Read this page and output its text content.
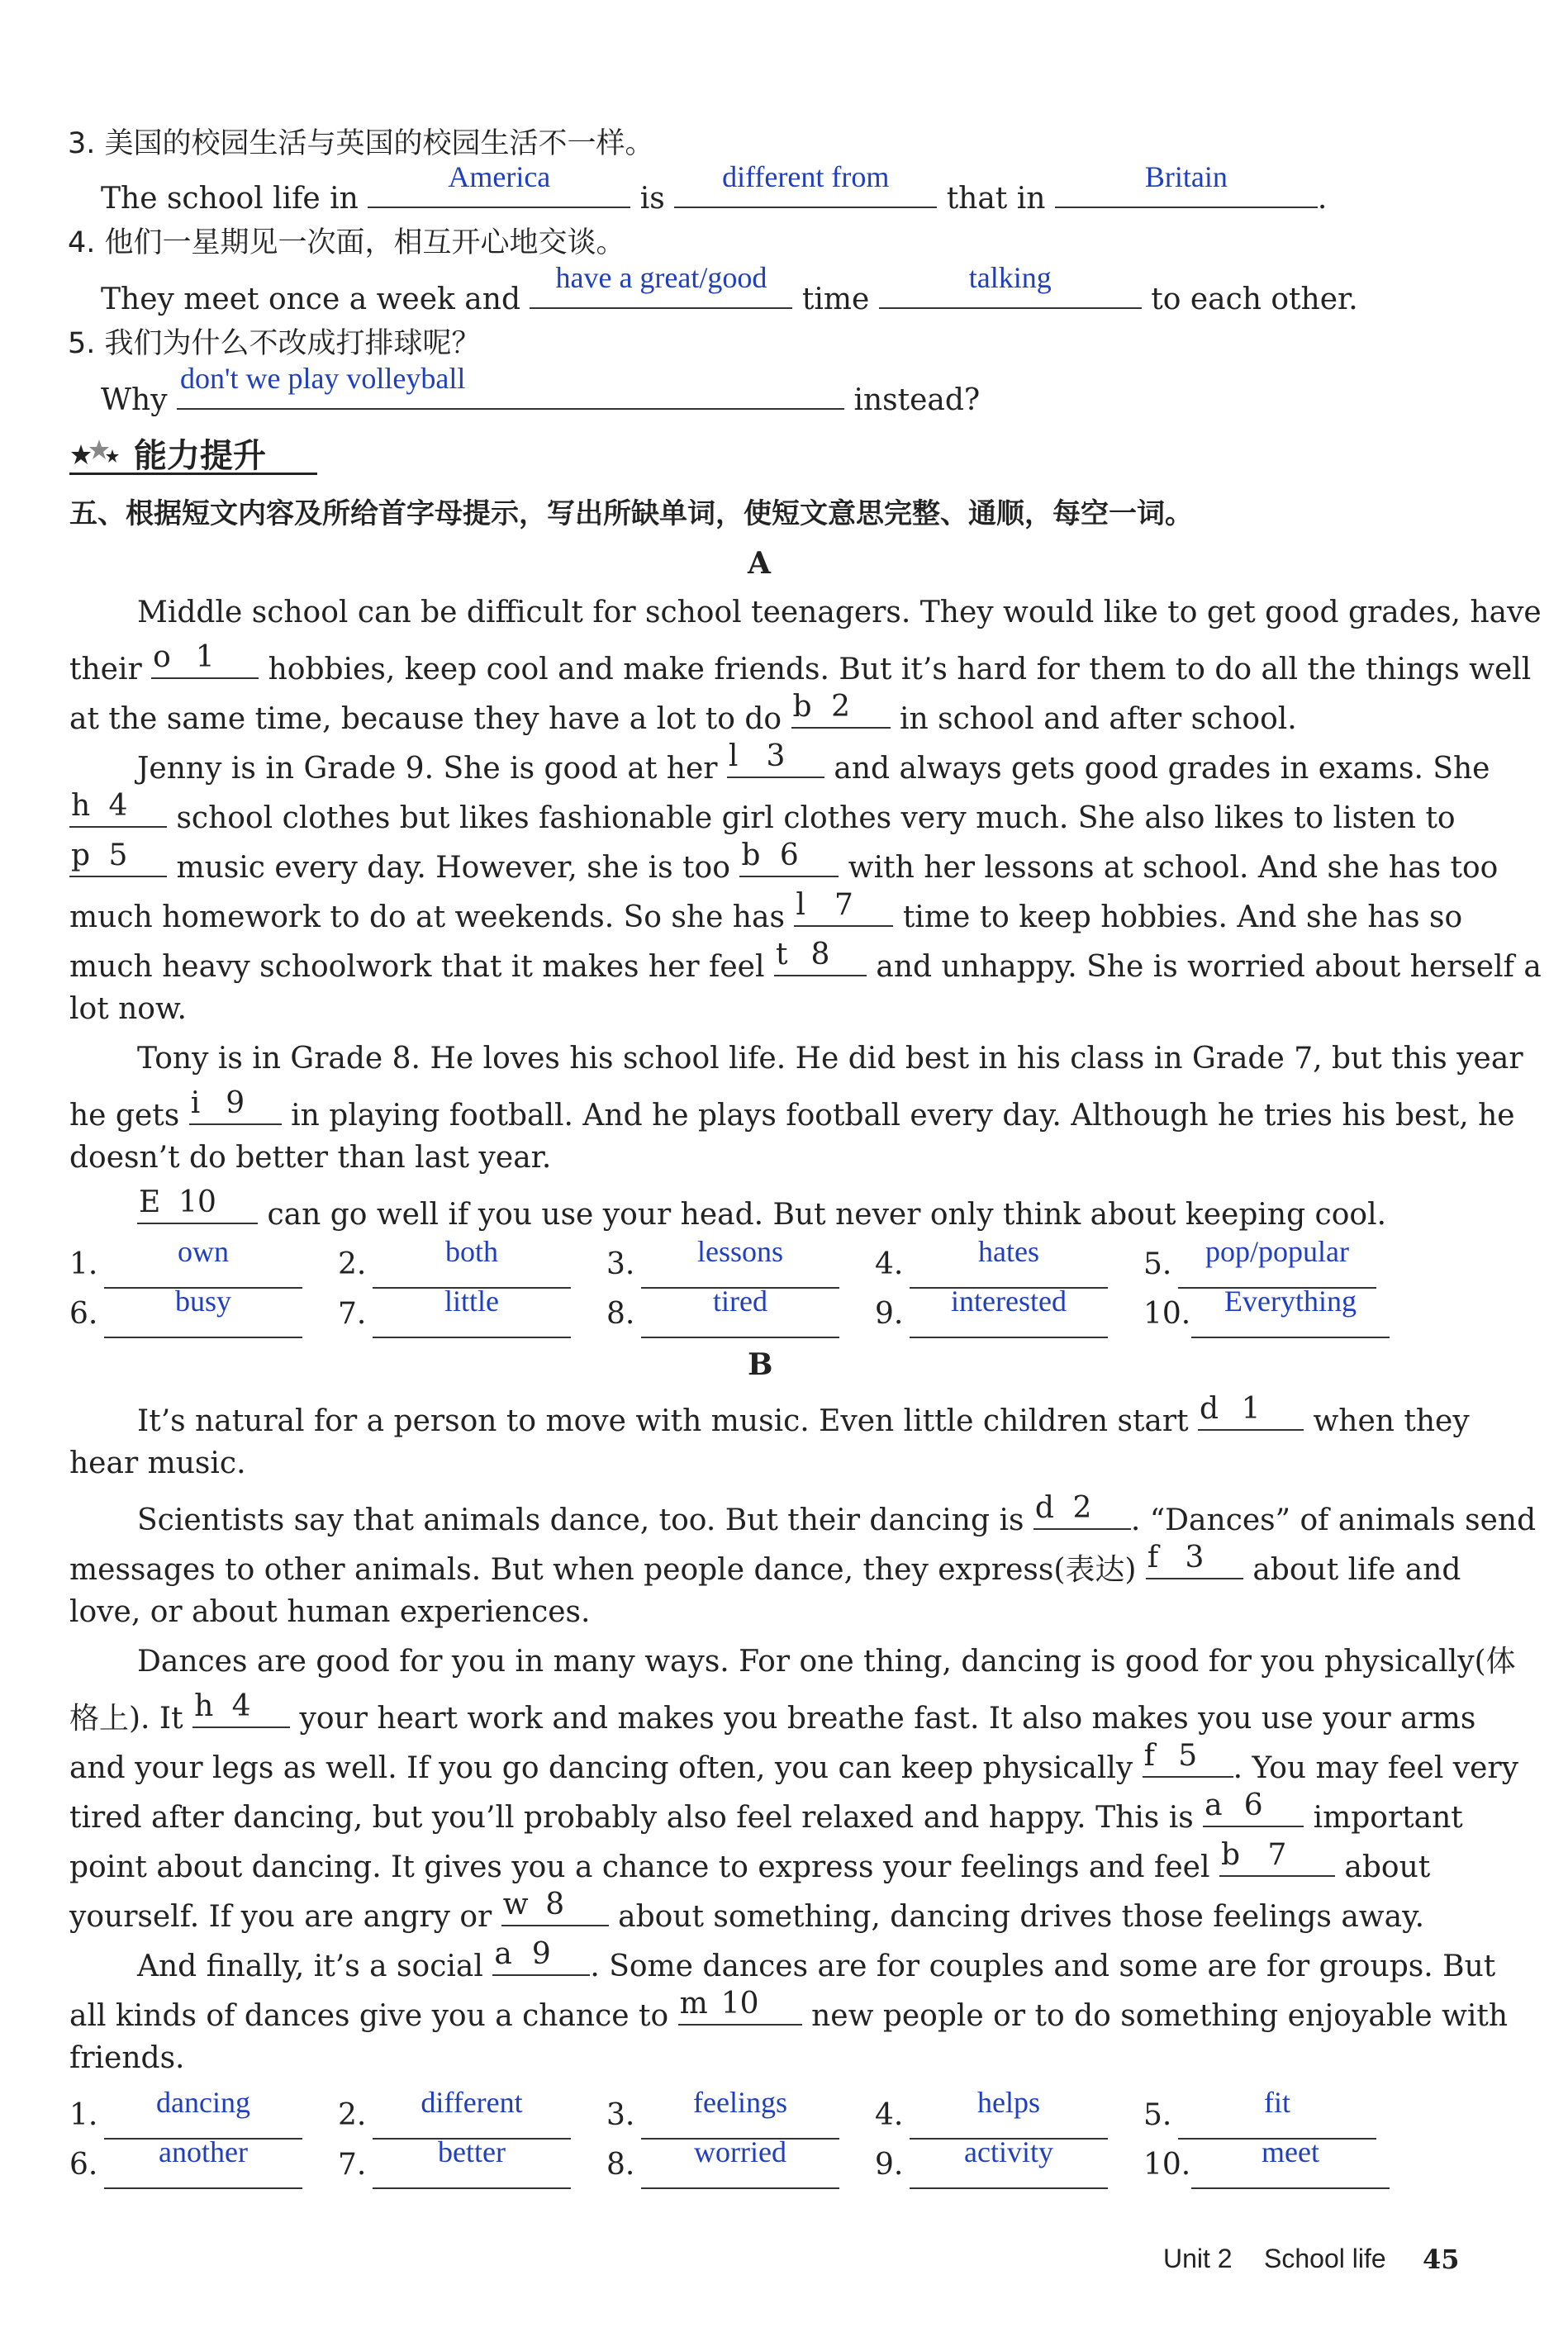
3. 美国的校园生活与英国的校园生活不一样。
The school life in
America
is
different from
that in
Britain
.
4. 他们一星期见一次面，相互开心地交谈。
They meet once a week and
have a great/good
time
talking
to each other.
5. 我们为什么不改成打排球呢？
Why
don't we play volleyball
instead?
能力提升
五、根据短文内容及所给首字母提示，写出所缺单词，使短文意思完整、通顺，每空一词。
A
Middle school can be difficult for school teenagers. They would like to get good grades, have
their o 1	hobbies, keep cool and make friends. But it’s hard for them to do all the things well
at the same time, because they have a lot to do b 2	in school and after school.
Jenny is in Grade 9. She is good at her l 3	and always gets good grades in exams. She
h 4	school clothes but likes fashionable girl clothes very much. She also likes to listen to
p 5	music every day. However, she is too b 6	with her lessons at school. And she has too
much homework to do at weekends. So she has l 7	time to keep hobbies. And she has so
much heavy schoolwork that it makes her feel t 8	and unhappy. She is worried about herself a
lot now.
Tony is in Grade 8. He loves his school life. He did best in his class in Grade 7, but this year
he gets i 9	in playing football. And he plays football every day. Although he tries his best, he
doesn’t do better than last year.
E 10	can go well if you use your head. But never only think about keeping cool.
1.	own	2.	both	3.	lessons	4.	hates	5.	pop/popular
6.	busy	7.	little	8.	tired	9.	interested	10.	Everything
B
It’s natural for a person to move with music. Even little children start d 1	when they
hear music.
Scientists say that animals dance, too. But their dancing is d 2	. “Dances” of animals send
messages to other animals. But when people dance, they express(表达) f 3	about life and
love, or about human experiences.
Dances are good for you in many ways. For one thing, dancing is good for you physically(体
格上). It h 4	your heart work and makes you breathe fast. It also makes you use your arms
and your legs as well. If you go dancing often, you can keep physically f 5	. You may feel very
tired after dancing, but you’ll probably also feel relaxed and happy. This is a 6	important
point about dancing. It gives you a chance to express your feelings and feel b 7	about
yourself. If you are angry or w 8	about something, dancing drives those feelings away.
And finally, it’s a social a 9	. Some dances are for couples and some are for groups. But
all kinds of dances give you a chance to m 10	new people or to do something enjoyable with
friends.
1.	dancing	2.	different	3.	feelings	4.	helps	5.	fit
6.	another	7.	better	8.	worried	9.	activity	10.	meet
Unit 2 School life 45
